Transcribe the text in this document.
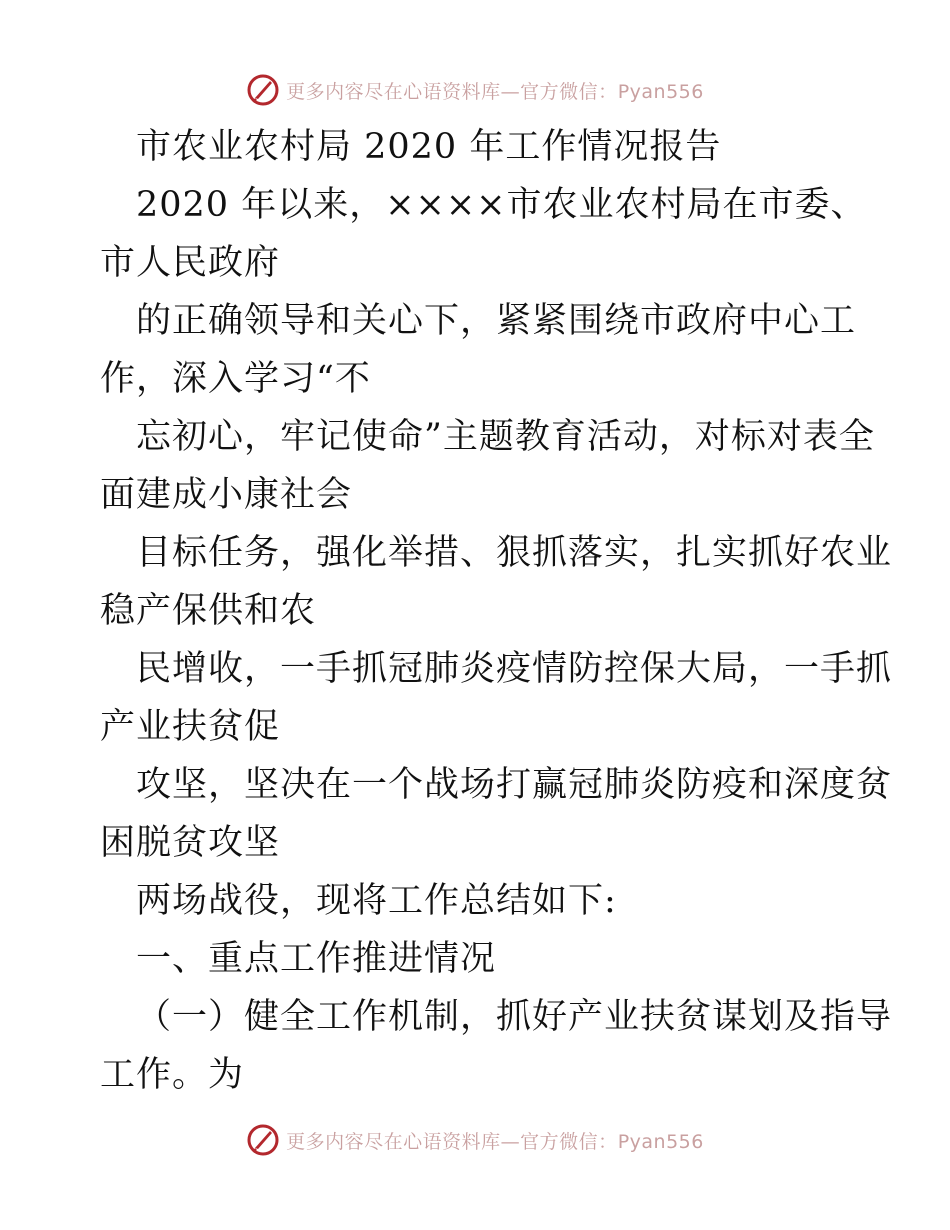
更多内容尽在心语资料库—官方微信：Pyan556
市农业农村局 2020 年工作情况报告
2020 年以来，××××市农业农村局在市委、
市人民政府
的正确领导和关心下，紧紧围绕市政府中心工
作，深入学习“不
忘初心，牢记使命”主题教育活动，对标对表全
面建成小康社会
目标任务，强化举措、狠抓落实，扎实抓好农业
稳产保供和农
民增收，一手抓冠肺炎疫情防控保大局，一手抓
产业扶贫促
攻坚，坚决在一个战场打赢冠肺炎防疫和深度贫
困脱贫攻坚
两场战役，现将工作总结如下:
一、重点工作推进情况
（一）健全工作机制，抓好产业扶贫谋划及指导
工作。为
更多内容尽在心语资料库—官方微信：Pyan556
